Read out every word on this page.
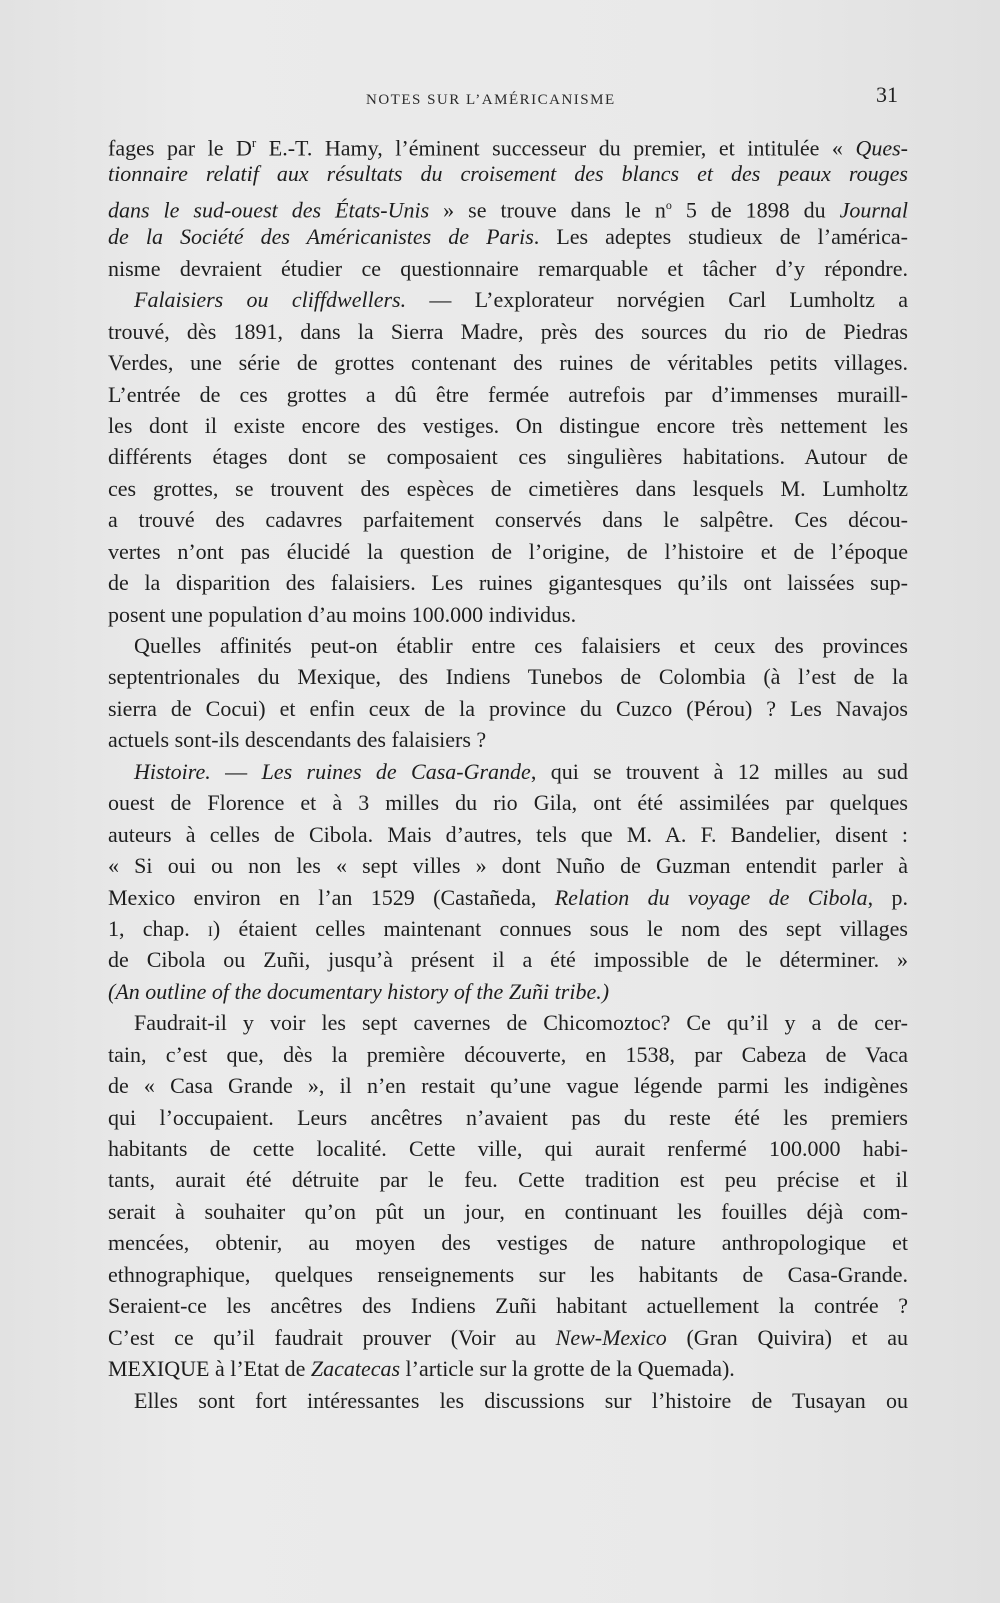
NOTES SUR L’AMÉRICANISME	31
fages par le $D^r$ E.-T. Hamy, l’éminent successeur du premier, et intitulée « Ques-
tionnaire relatif aux résultats du croisement des blancs et des peaux rouges
dans le sud-ouest des États-Unis » se trouve dans le $n^o$ 5 de 1898 du Journal
de la Société des Américanistes de Paris. Les adeptes studieux de l’américa-
nisme devraient étudier ce questionnaire remarquable et tâcher d’y répondre.
Falaisiers ou cliffdwellers. — L’explorateur norvégien Carl Lumholtz a
trouvé, dès 1891, dans la Sierra Madre, près des sources du rio de Piedras
Verdes, une série de grottes contenant des ruines de véritables petits villages.
L’entrée de ces grottes a dû être fermée autrefois par d’immenses muraill-
les dont il existe encore des vestiges. On distingue encore très nettement les
différents étages dont se composaient ces singulières habitations. Autour de
ces grottes, se trouvent des espèces de cimetières dans lesquels M. Lumholtz
a trouvé des cadavres parfaitement conservés dans le salpêtre. Ces décou-
vertes n’ont pas élucidé la question de l’origine, de l’histoire et de l’époque
de la disparition des falaisiers. Les ruines gigantesques qu’ils ont laissées sup-
posent une population d’au moins 100.000 individus.
Quelles affinités peut-on établir entre ces falaisiers et ceux des provinces
septentrionales du Mexique, des Indiens Tunebos de Colombia (à l’est de la
sierra de Cocui) et enfin ceux de la province du Cuzco (Pérou) ? Les Navajos
actuels sont-ils descendants des falaisiers ?
Histoire. — Les ruines de Casa-Grande, qui se trouvent à 12 milles au sud
ouest de Florence et à 3 milles du rio Gila, ont été assimilées par quelques
auteurs à celles de Cibola. Mais d’autres, tels que M. A. F. Bandelier, disent :
« Si oui ou non les « sept villes » dont Nuño de Guzman entendit parler à
Mexico environ en l’an 1529 (Castañeda, Relation du voyage de Cibola, p.
1, chap. i) étaient celles maintenant connues sous le nom des sept villages
de Cibola ou Zuñi, jusqu’à présent il a été impossible de le déterminer. »
(An outline of the documentary history of the Zuñi tribe.)
Faudrait-il y voir les sept cavernes de Chicomoztoc? Ce qu’il y a de cer-
tain, c’est que, dès la première découverte, en 1538, par Cabeza de Vaca
de « Casa Grande », il n’en restait qu’une vague légende parmi les indigènes
qui l’occupaient. Leurs ancêtres n’avaient pas du reste été les premiers
habitants de cette localité. Cette ville, qui aurait renfermé 100.000 habi-
tants, aurait été détruite par le feu. Cette tradition est peu précise et il
serait à souhaiter qu’on pût un jour, en continuant les fouilles déjà com-
mencées, obtenir, au moyen des vestiges de nature anthropologique et
ethnographique, quelques renseignements sur les habitants de Casa-Grande.
Seraient-ce les ancêtres des Indiens Zuñi habitant actuellement la contrée ?
C’est ce qu’il faudrait prouver (Voir au New-Mexico (Gran Quivira) et au
MEXIQUE à l’Etat de Zacatecas l’article sur la grotte de la Quemada).
Elles sont fort intéressantes les discussions sur l’histoire de Tusayan ou
